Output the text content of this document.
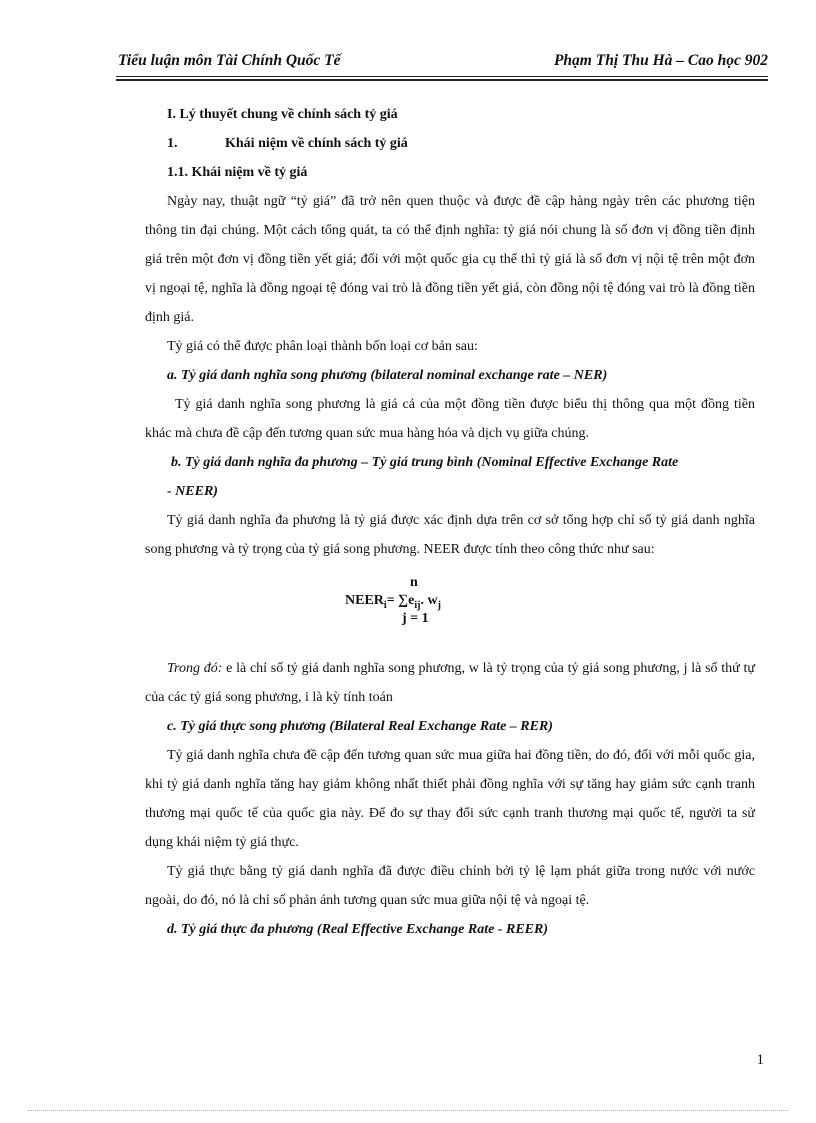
Tiểu luận môn Tài Chính Quốc Tế	Phạm Thị Thu Hà – Cao học 902

I. Lý thuyết chung về chính sách tỷ giá

1.	Khái niệm về chính sách tỷ giá

1.1. Khái niệm về tỷ giá

Ngày nay, thuật ngữ “tỷ giá” đã trở nên quen thuộc và được đề cập hàng ngày trên các phương tiện thông tin đại chúng. Một cách tổng quát, ta có thể định nghĩa: tỷ giá nói chung là số đơn vị đồng tiền định giá trên một đơn vị đồng tiền yết giá; đối với một quốc gia cụ thể thì tỷ giá là số đơn vị nội tệ trên một đơn vị ngoại tệ, nghĩa là đồng ngoại tệ đóng vai trò là đồng tiền yết giá, còn đồng nội tệ đóng vai trò là đồng tiền định giá.

Tỷ giá có thể được phân loại thành bốn loại cơ bản sau:

a. Tỷ giá danh nghĩa song phương (bilateral nominal exchange rate – NER)

Tỷ giá danh nghĩa song phương là giá cả của một đồng tiền được biểu thị thông qua một đồng tiền khác mà chưa đề cập đến tương quan sức mua hàng hóa và dịch vụ giữa chúng.

b. Tỷ giá danh nghĩa đa phương – Tỷ giá trung bình (Nominal Effective Exchange Rate
- NEER)

Tỷ giá danh nghĩa đa phương là tỷ giá được xác định dựa trên cơ sở tổng hợp chỉ số tỷ giá danh nghĩa song phương và tỷ trọng của tỷ giá song phương. NEER được tính theo công thức như sau:

n
$NEER_i= \sum e_{ij}$. $w_j$
j = 1

Trong đó: e là chỉ số tỷ giá danh nghĩa song phương, w là tỷ trọng của tỷ giá song phương, j là số thứ tự của các tỷ giá song phương, i là kỳ tính toán

c. Tỷ giá thực song phương (Bilateral Real Exchange Rate – RER)

Tỷ giá danh nghĩa chưa đề cập đến tương quan sức mua giữa hai đồng tiền, do đó, đối với mỗi quốc gia, khi tỷ giá danh nghĩa tăng hay giảm không nhất thiết phải đồng nghĩa với sự tăng hay giảm sức cạnh tranh thương mại quốc tế của quốc gia này. Để đo sự thay đổi sức cạnh tranh thương mại quốc tế, người ta sử dụng khái niệm tỷ giá thực.

Tỷ giá thực bằng tỷ giá danh nghĩa đã được điều chỉnh bởi tỷ lệ lạm phát giữa trong nước với nước ngoài, do đó, nó là chỉ số phản ánh tương quan sức mua giữa nội tệ và ngoại tệ.

d. Tỷ giá thực đa phương (Real Effective Exchange Rate - REER)

1
